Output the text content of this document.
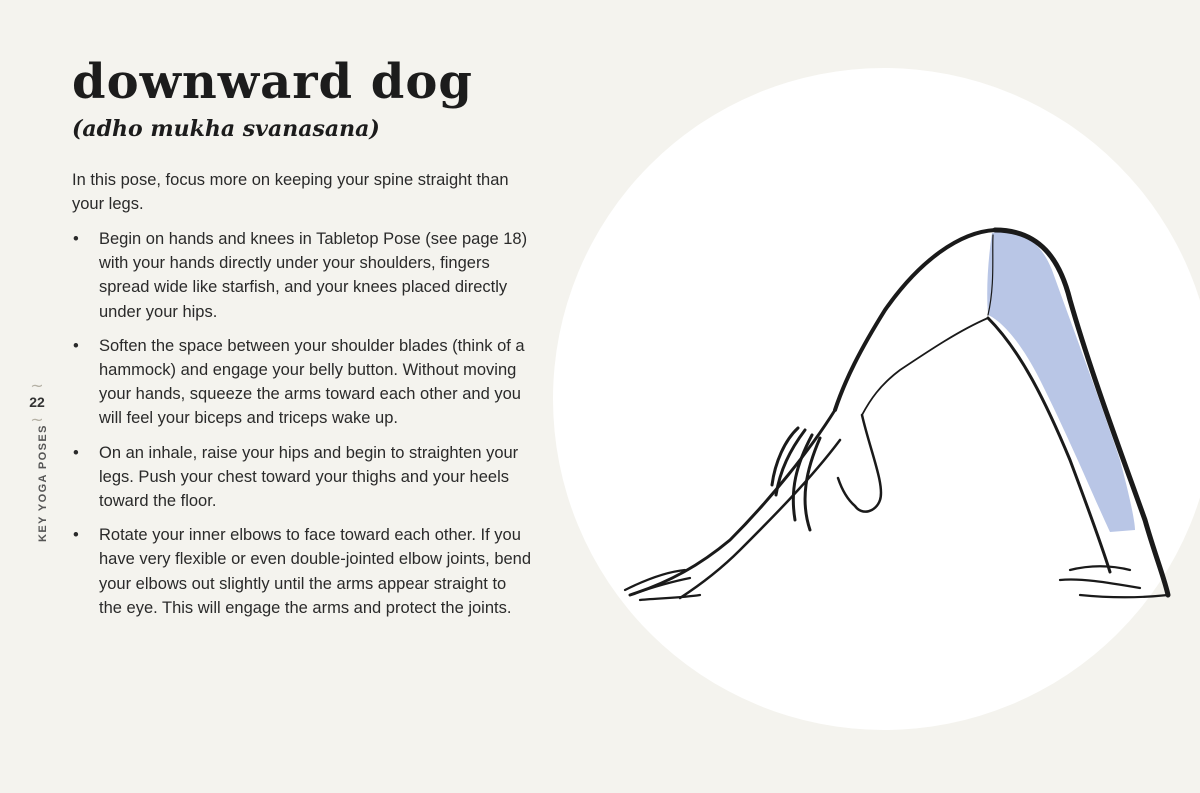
downward dog
(adho mukha svanasana)

In this pose, focus more on keeping your spine straight than your legs.

• Begin on hands and knees in Tabletop Pose (see page 18) with your hands directly under your shoulders, fingers spread wide like starfish, and your knees placed directly under your hips.
• Soften the space between your shoulder blades (think of a hammock) and engage your belly button. Without moving your hands, squeeze the arms toward each other and you will feel your biceps and triceps wake up.
• On an inhale, raise your hips and begin to straighten your legs. Push your chest toward your thighs and your heels toward the floor.
• Rotate your inner elbows to face toward each other. If you have very flexible or even double-jointed elbow joints, bend your elbows out slightly until the arms appear straight to the eye. This will engage the arms and protect the joints.
~
22
~
KEY YOGA POSES
